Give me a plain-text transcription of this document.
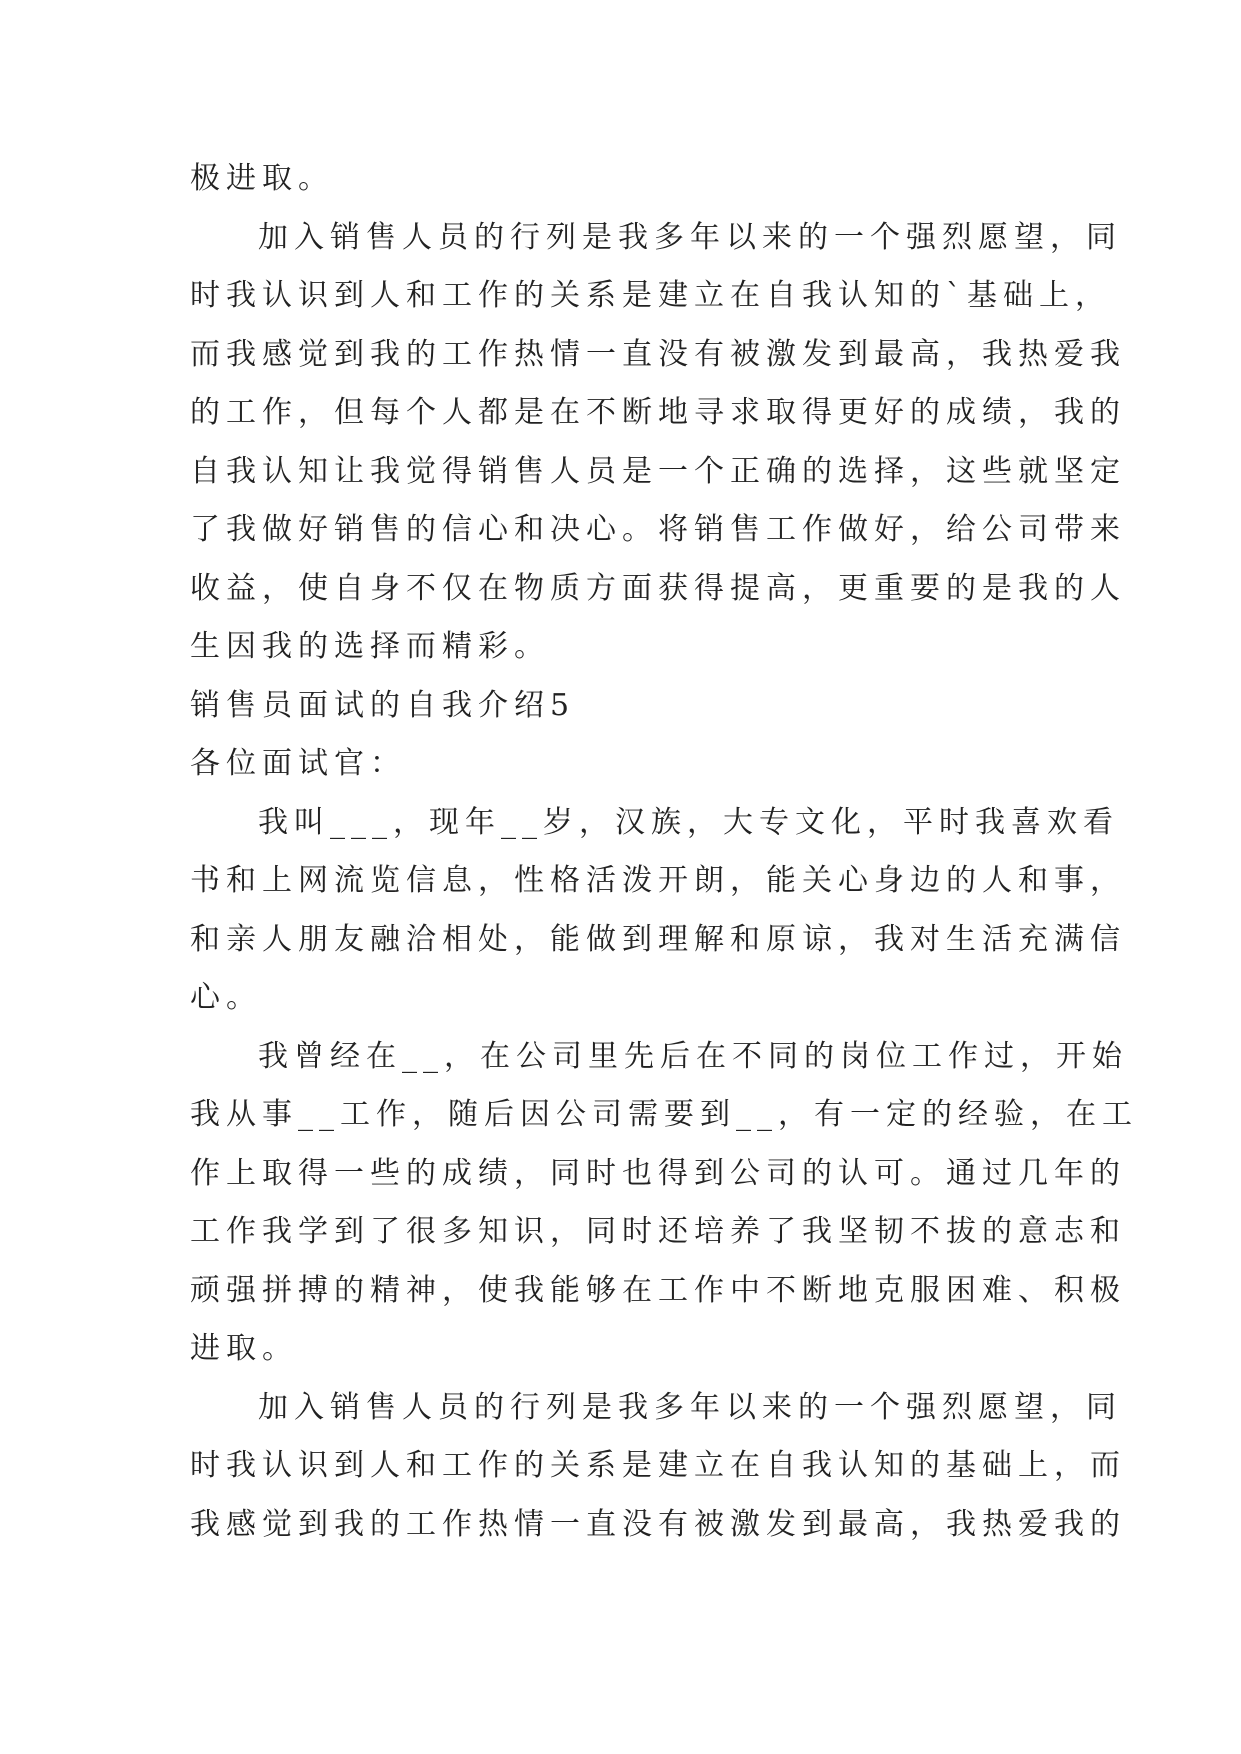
极进取。
加入销售人员的行列是我多年以来的一个强烈愿望，同
时我认识到人和工作的关系是建立在自我认知的`基础上，
而我感觉到我的工作热情一直没有被激发到最高，我热爱我
的工作，但每个人都是在不断地寻求取得更好的成绩，我的
自我认知让我觉得销售人员是一个正确的选择，这些就坚定
了我做好销售的信心和决心。将销售工作做好，给公司带来
收益，使自身不仅在物质方面获得提高，更重要的是我的人
生因我的选择而精彩。
销售员面试的自我介绍5
各位面试官：
我叫___，现年__岁，汉族，大专文化，平时我喜欢看
书和上网流览信息，性格活泼开朗，能关心身边的人和事，
和亲人朋友融洽相处，能做到理解和原谅，我对生活充满信
心。
我曾经在__，在公司里先后在不同的岗位工作过，开始
我从事__工作，随后因公司需要到__，有一定的经验，在工
作上取得一些的成绩，同时也得到公司的认可。通过几年的
工作我学到了很多知识，同时还培养了我坚韧不拔的意志和
顽强拼搏的精神，使我能够在工作中不断地克服困难、积极
进取。
加入销售人员的行列是我多年以来的一个强烈愿望，同
时我认识到人和工作的关系是建立在自我认知的基础上，而
我感觉到我的工作热情一直没有被激发到最高，我热爱我的
